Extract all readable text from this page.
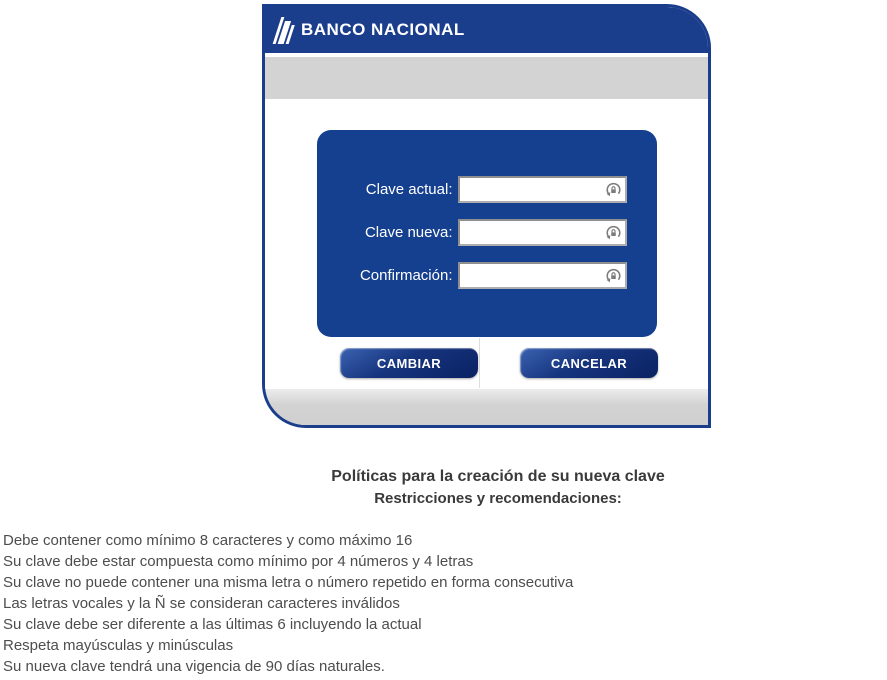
BANCO NACIONAL
Clave actual:
Clave nueva:
Confirmación:
CAMBIAR	CANCELAR
Políticas para la creación de su nueva clave
Restricciones y recomendaciones:
Debe contener como mínimo 8 caracteres y como máximo 16
Su clave debe estar compuesta como mínimo por 4 números y 4 letras
Su clave no puede contener una misma letra o número repetido en forma consecutiva
Las letras vocales y la Ñ se consideran caracteres inválidos
Su clave debe ser diferente a las últimas 6 incluyendo la actual
Respeta mayúsculas y minúsculas
Su nueva clave tendrá una vigencia de 90 días naturales.
